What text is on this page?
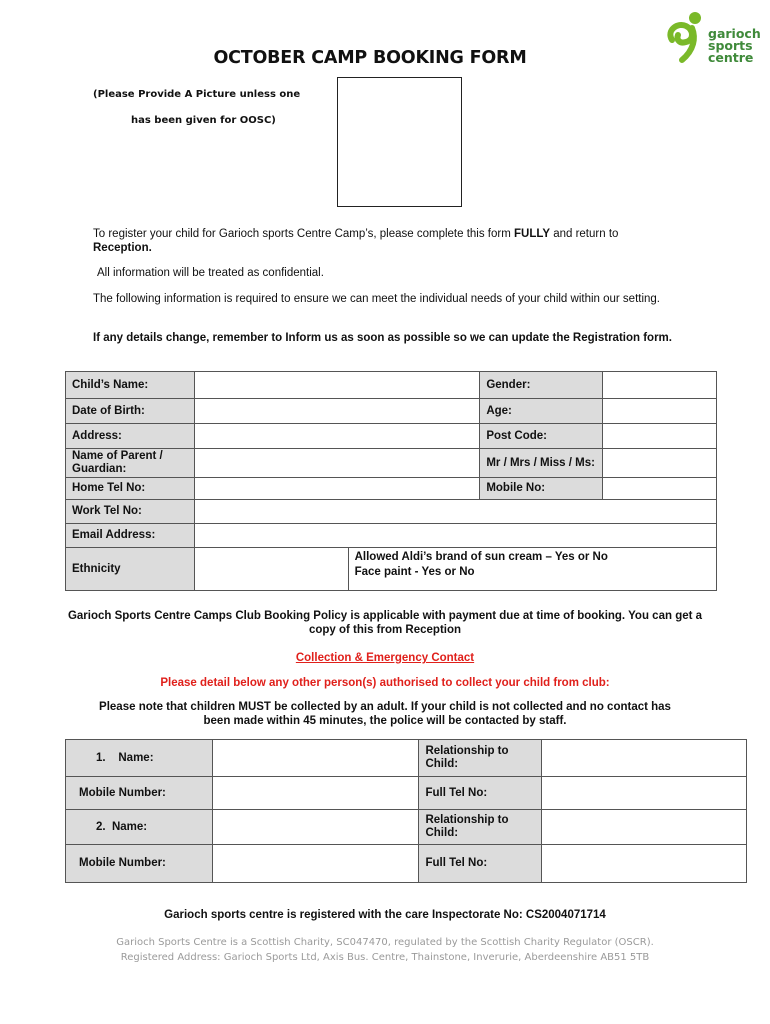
garioch
sports
centre
OCTOBER CAMP BOOKING FORM
(Please Provide A Picture unless one
has been given for OOSC)
To register your child for Garioch sports Centre Camp’s, please complete this form FULLY and return to Reception.
All information will be treated as confidential.
The following information is required to ensure we can meet the individual needs of your child within our setting.
If any details change, remember to Inform us as soon as possible so we can update the Registration form.
Child’s Name:			Gender:	
Date of Birth:			Age:	
Address:			Post Code:	
Name of Parent / Guardian:			Mr / Mrs / Miss / Ms:	
Home Tel No:			Mobile No:	
Work Tel No:				
Email Address:				
Ethnicity		Allowed Aldi’s brand of sun cream – Yes or No
Face paint - Yes or No		
Garioch Sports Centre Camps Club Booking Policy is applicable with payment due at time of booking. You can get a copy of this from Reception
Collection & Emergency Contact
Please detail below any other person(s) authorised to collect your child from club:
Please note that children MUST be collected by an adult. If your child is not collected and no contact has been made within 45 minutes, the police will be contacted by staff.
1. Name:		Relationship to Child:	
Mobile Number:		Full Tel No:	
2. Name:		Relationship to Child:	
Mobile Number:		Full Tel No:	
Garioch sports centre is registered with the care Inspectorate No: CS2004071714
Garioch Sports Centre is a Scottish Charity, SC047470, regulated by the Scottish Charity Regulator (OSCR).
Registered Address: Garioch Sports Ltd, Axis Bus. Centre, Thainstone, Inverurie, Aberdeenshire AB51 5TB
